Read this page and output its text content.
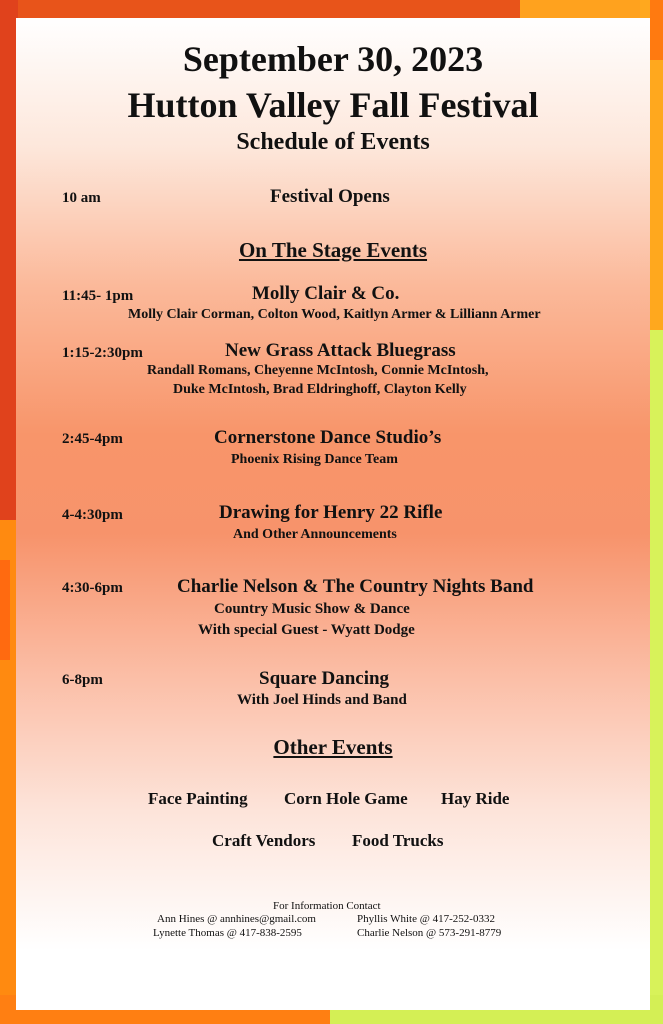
September 30, 2023
Hutton Valley Fall Festival
Schedule of Events
10 am	Festival Opens
On The Stage Events
11:45- 1pm	Molly Clair & Co.
Molly Clair Corman, Colton Wood, Kaitlyn Armer & Lilliann Armer
1:15-2:30pm	New Grass Attack Bluegrass
Randall Romans, Cheyenne McIntosh, Connie McIntosh,
Duke McIntosh, Brad Eldringhoff, Clayton Kelly
2:45-4pm	Cornerstone Dance Studio’s
Phoenix Rising Dance Team
4-4:30pm	Drawing for Henry 22 Rifle
And Other Announcements
4:30-6pm	Charlie Nelson & The Country Nights Band
Country Music Show & Dance
With special Guest - Wyatt Dodge
6-8pm	Square Dancing
With Joel Hinds and Band
Other Events
Face Painting Corn Hole Game Hay Ride
Craft Vendors Food Trucks
For Information Contact
Ann Hines @ annhines@gmail.com	Phyllis White @ 417-252-0332
Lynette Thomas @ 417-838-2595	Charlie Nelson @ 573-291-8779
